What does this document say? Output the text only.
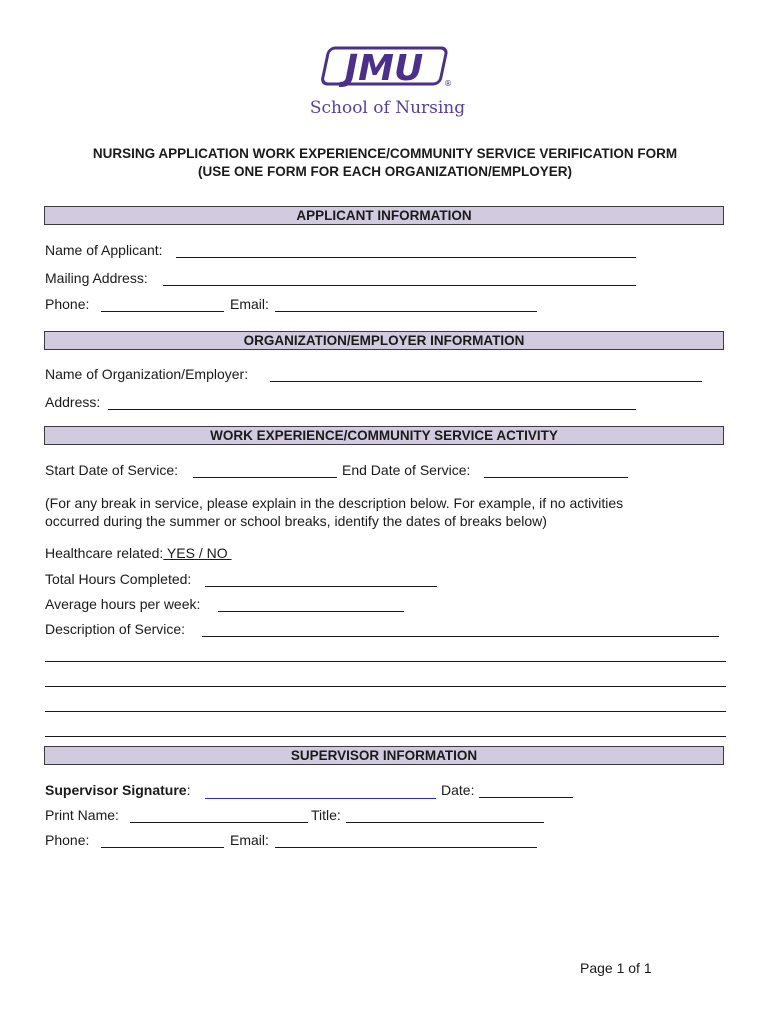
JMU	®
School of Nursing
NURSING APPLICATION WORK EXPERIENCE/COMMUNITY SERVICE VERIFICATION FORM
(USE ONE FORM FOR EACH ORGANIZATION/EMPLOYER)
APPLICANT INFORMATION
Name of Applicant:
Mailing Address:
Phone:	Email:
ORGANIZATION/EMPLOYER INFORMATION
Name of Organization/Employer:
Address:
WORK EXPERIENCE/COMMUNITY SERVICE ACTIVITY
Start Date of Service:	End Date of Service:
(For any break in service, please explain in the description below. For example, if no activities
occurred during the summer or school breaks, identify the dates of breaks below)
Healthcare related: YES / NO
Total Hours Completed:
Average hours per week:
Description of Service:
SUPERVISOR INFORMATION
Supervisor Signature:	Date:
Print Name:	Title:
Phone:	Email:
Page 1 of 1
